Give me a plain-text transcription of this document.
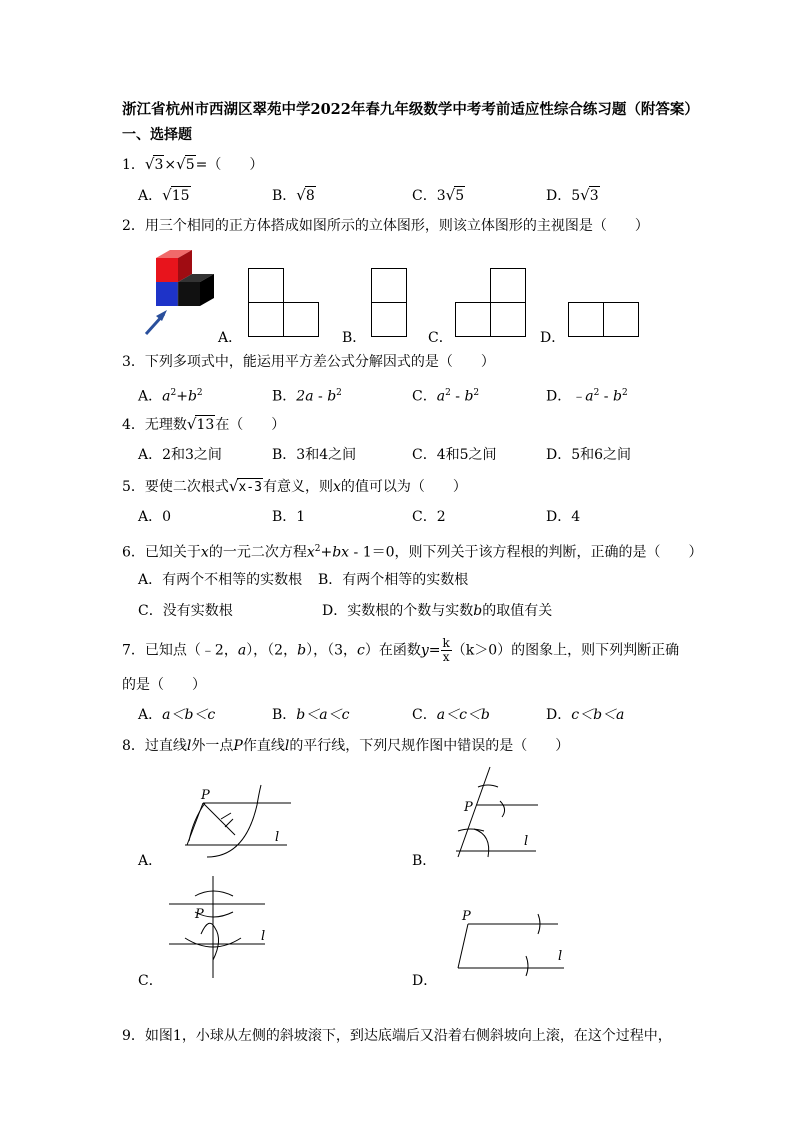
浙江省杭州市西湖区翠苑中学2022年春九年级数学中考考前适应性综合练习题（附答案）
一、选择题
1．√3×√5=（　　）
A．√15	B．√8	C．3√5	D．5√3
2．用三个相同的正方体搭成如图所示的立体图形，则该立体图形的主视图是（　　）
A．	B．	C．	D．
3．下列多项式中，能运用平方差公式分解因式的是（　　）
A．$a^2+b^2$	B．$2a - b^2$	C．$a^2 - b^2$	D．$﹣a^2 - b^2$
4．无理数√13在（　　）
A．2和3之间	B．3和4之间	C．4和5之间	D．5和6之间
5．要使二次根式√x-3有意义，则x的值可以为（　　）
A．0	B．1	C．2	D．4
6．已知关于x的一元二次方程$x^2+bx - 1=0$，则下列关于该方程根的判断，正确的是（　　）
A．有两个不相等的实数根 B．有两个相等的实数根
C．没有实数根	D．实数根的个数与实数b的取值有关
7．已知点（﹣2，a），（2，b），（3，c）在函数$y= \frac{k}{x} (k>0)$的图象上，则下列判断正确
的是（　　）
A．a＜b＜c	B．b＜a＜c	C．a＜c＜b	D．c＜b＜a
8．过直线l外一点P作直线l的平行线，下列尺规作图中错误的是（　　）
P
l
A．
P
l
B．
P
l
C．
P
l
D．
9．如图1，小球从左侧的斜坡滚下，到达底端后又沿着右侧斜坡向上滚，在这个过程中，
